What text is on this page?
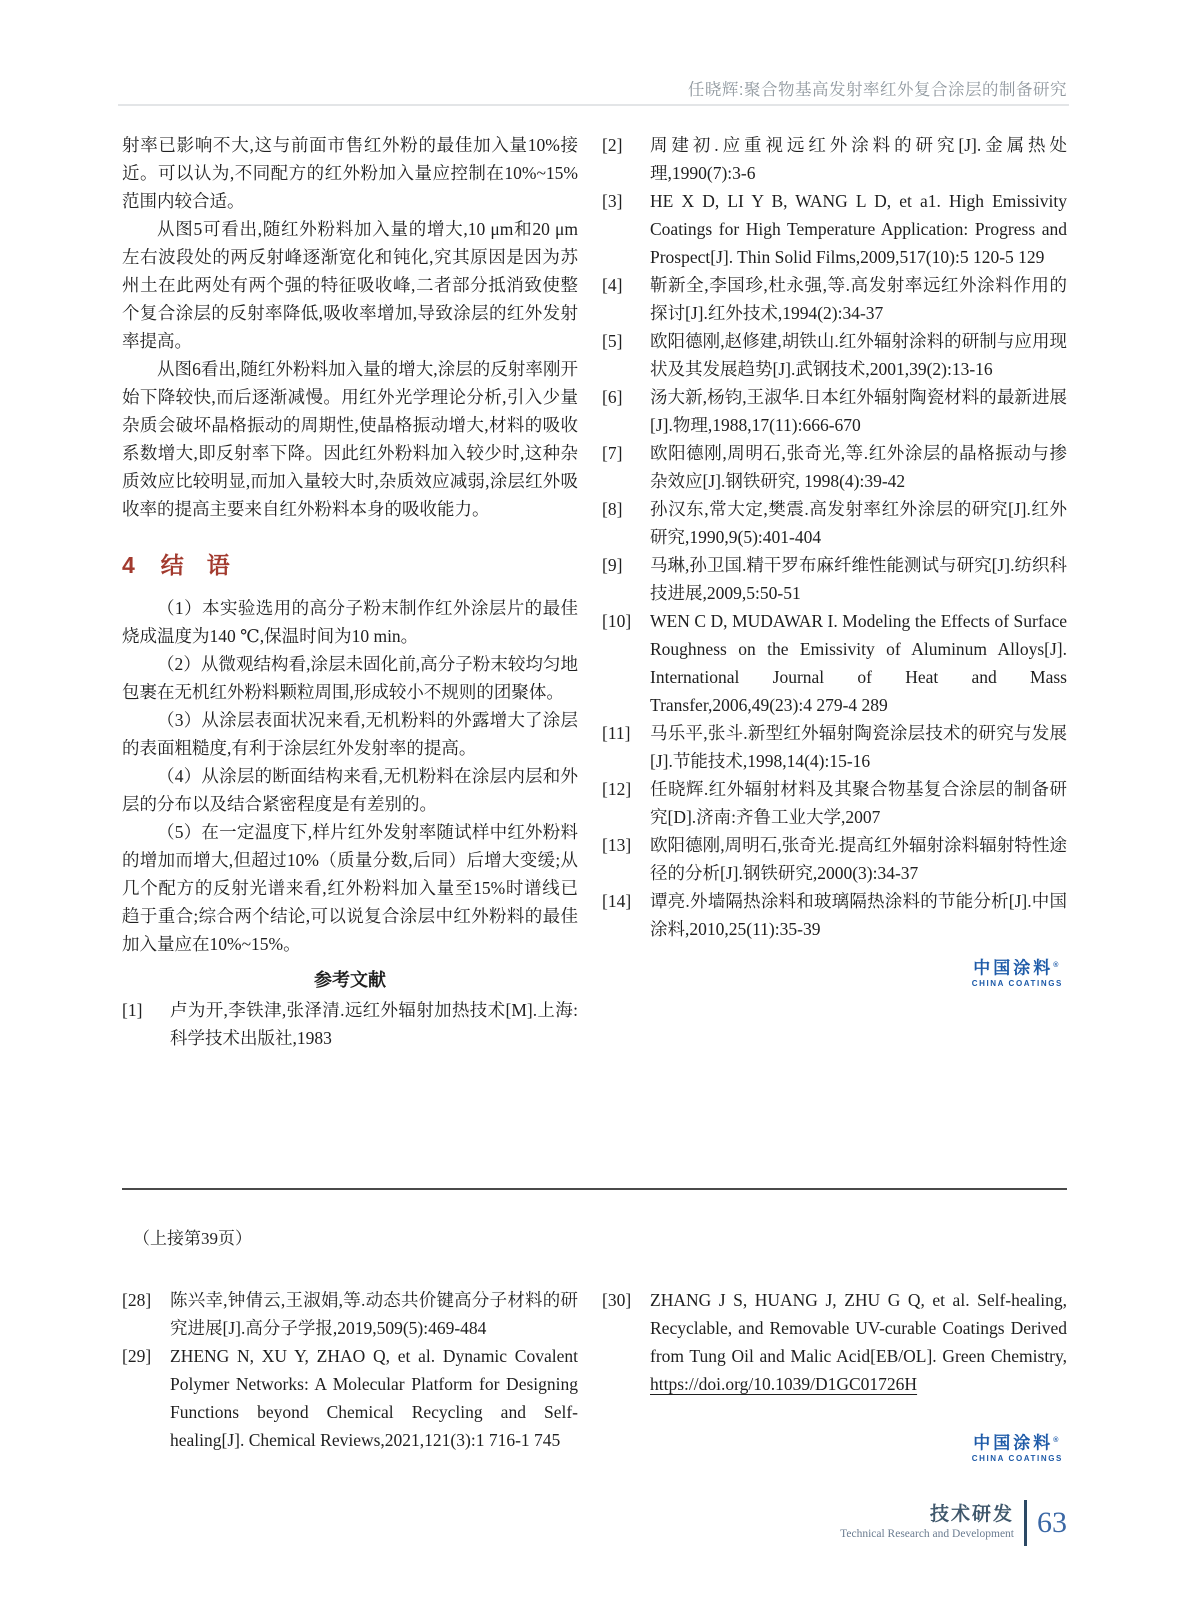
任晓辉:聚合物基高发射率红外复合涂层的制备研究

射率已影响不大,这与前面市售红外粉的最佳加入量10%接近。可以认为,不同配方的红外粉加入量应控制在10%~15%范围内较合适。

从图5可看出,随红外粉料加入量的增大,10 μm和20 μm左右波段处的两反射峰逐渐宽化和钝化,究其原因是因为苏州土在此两处有两个强的特征吸收峰,二者部分抵消致使整个复合涂层的反射率降低,吸收率增加,导致涂层的红外发射率提高。

从图6看出,随红外粉料加入量的增大,涂层的反射率刚开始下降较快,而后逐渐减慢。用红外光学理论分析,引入少量杂质会破坏晶格振动的周期性,使晶格振动增大,材料的吸收系数增大,即反射率下降。因此红外粉料加入较少时,这种杂质效应比较明显,而加入量较大时,杂质效应减弱,涂层红外吸收率的提高主要来自红外粉料本身的吸收能力。

4 结　语

（1）本实验选用的高分子粉末制作红外涂层片的最佳烧成温度为140 ℃,保温时间为10 min。

（2）从微观结构看,涂层未固化前,高分子粉末较均匀地包裹在无机红外粉料颗粒周围,形成较小不规则的团聚体。

（3）从涂层表面状况来看,无机粉料的外露增大了涂层的表面粗糙度,有利于涂层红外发射率的提高。

（4）从涂层的断面结构来看,无机粉料在涂层内层和外层的分布以及结合紧密程度是有差别的。

（5）在一定温度下,样片红外发射率随试样中红外粉料的增加而增大,但超过10%（质量分数,后同）后增大变缓;从几个配方的反射光谱来看,红外粉料加入量至15%时谱线已趋于重合;综合两个结论,可以说复合涂层中红外粉料的最佳加入量应在10%~15%。

参考文献
[1] 卢为开,李铁津,张泽清.远红外辐射加热技术[M].上海:科学技术出版社,1983
[2] 周建初.应重视远红外涂料的研究[J].金属热处理,1990(7):3-6
[3] HE X D, LI Y B, WANG L D, et a1. High Emissivity Coatings for High Temperature Application: Progress and Prospect[J]. Thin Solid Films,2009,517(10):5 120-5 129
[4] 靳新全,李国珍,杜永强,等.高发射率远红外涂料作用的探讨[J].红外技术,1994(2):34-37
[5] 欧阳德刚,赵修建,胡铁山.红外辐射涂料的研制与应用现状及其发展趋势[J].武钢技术,2001,39(2):13-16
[6] 汤大新,杨钧,王淑华.日本红外辐射陶瓷材料的最新进展[J].物理,1988,17(11):666-670
[7] 欧阳德刚,周明石,张奇光,等.红外涂层的晶格振动与掺杂效应[J].钢铁研究, 1998(4):39-42
[8] 孙汉东,常大定,樊震.高发射率红外涂层的研究[J].红外研究,1990,9(5):401-404
[9] 马琳,孙卫国.精干罗布麻纤维性能测试与研究[J].纺织科技进展,2009,5:50-51
[10] WEN C D, MUDAWAR I. Modeling the Effects of Surface Roughness on the Emissivity of Aluminum Alloys[J]. International Journal of Heat and Mass Transfer,2006,49(23):4 279-4 289
[11] 马乐平,张斗.新型红外辐射陶瓷涂层技术的研究与发展[J].节能技术,1998,14(4):15-16
[12] 任晓辉.红外辐射材料及其聚合物基复合涂层的制备研究[D].济南:齐鲁工业大学,2007
[13] 欧阳德刚,周明石,张奇光.提高红外辐射涂料辐射特性途径的分析[J].钢铁研究,2000(3):34-37
[14] 谭亮.外墙隔热涂料和玻璃隔热涂料的节能分析[J].中国涂料,2010,25(11):35-39
中国涂料®
CHINA COATINGS
（上接第39页）
[28] 陈兴幸,钟倩云,王淑娟,等.动态共价键高分子材料的研究进展[J].高分子学报,2019,509(5):469-484
[29] ZHENG N, XU Y, ZHAO Q, et al. Dynamic Covalent Polymer Networks: A Molecular Platform for Designing Functions beyond Chemical Recycling and Self-healing[J]. Chemical Reviews,2021,121(3):1 716-1 745
[30] ZHANG J S, HUANG J, ZHU G Q, et al. Self-healing, Recyclable, and Removable UV-curable Coatings Derived from Tung Oil and Malic Acid[EB/OL]. Green Chemistry, https://doi.org/10.1039/D1GC01726H
中国涂料®
CHINA COATINGS
技术研发
Technical Research and Development 63
